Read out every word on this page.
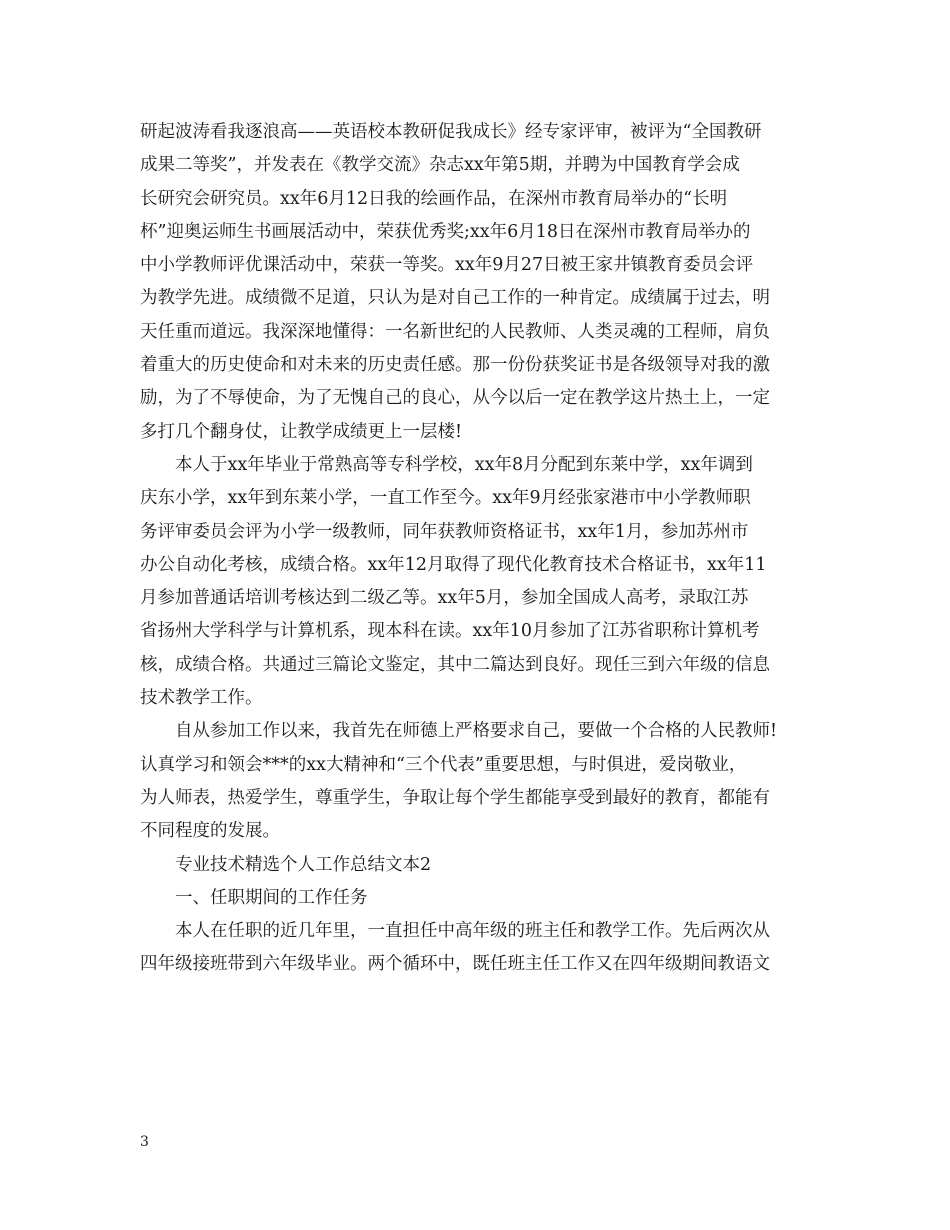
研起波涛看我逐浪高——英语校本教研促我成长》经专家评审，被评为“全国教研
成果二等奖”，并发表在《教学交流》杂志xx年第5期，并聘为中国教育学会成
长研究会研究员。xx年6月12日我的绘画作品，在深州市教育局举办的“长明
杯”迎奥运师生书画展活动中，荣获优秀奖;xx年6月18日在深州市教育局举办的
中小学教师评优课活动中，荣获一等奖。xx年9月27日被王家井镇教育委员会评
为教学先进。成绩微不足道，只认为是对自己工作的一种肯定。成绩属于过去，明
天任重而道远。我深深地懂得：一名新世纪的人民教师、人类灵魂的工程师，肩负
着重大的历史使命和对未来的历史责任感。那一份份获奖证书是各级领导对我的激
励，为了不辱使命，为了无愧自己的良心，从今以后一定在教学这片热土上，一定
多打几个翻身仗，让教学成绩更上一层楼!
　　本人于xx年毕业于常熟高等专科学校，xx年8月分配到东莱中学，xx年调到
庆东小学，xx年到东莱小学，一直工作至今。xx年9月经张家港市中小学教师职
务评审委员会评为小学一级教师，同年获教师资格证书，xx年1月，参加苏州市
办公自动化考核，成绩合格。xx年12月取得了现代化教育技术合格证书，xx年11
月参加普通话培训考核达到二级乙等。xx年5月，参加全国成人高考，录取江苏
省扬州大学科学与计算机系，现本科在读。xx年10月参加了江苏省职称计算机考
核，成绩合格。共通过三篇论文鉴定，其中二篇达到良好。现任三到六年级的信息
技术教学工作。
　　自从参加工作以来，我首先在师德上严格要求自己，要做一个合格的人民教师!
认真学习和领会***的xx大精神和“三个代表”重要思想，与时俱进，爱岗敬业，
为人师表，热爱学生，尊重学生，争取让每个学生都能享受到最好的教育，都能有
不同程度的发展。
　　专业技术精选个人工作总结文本2
　　一、任职期间的工作任务
　　本人在任职的近几年里，一直担任中高年级的班主任和教学工作。先后两次从
四年级接班带到六年级毕业。两个循环中，既任班主任工作又在四年级期间教语文
3
